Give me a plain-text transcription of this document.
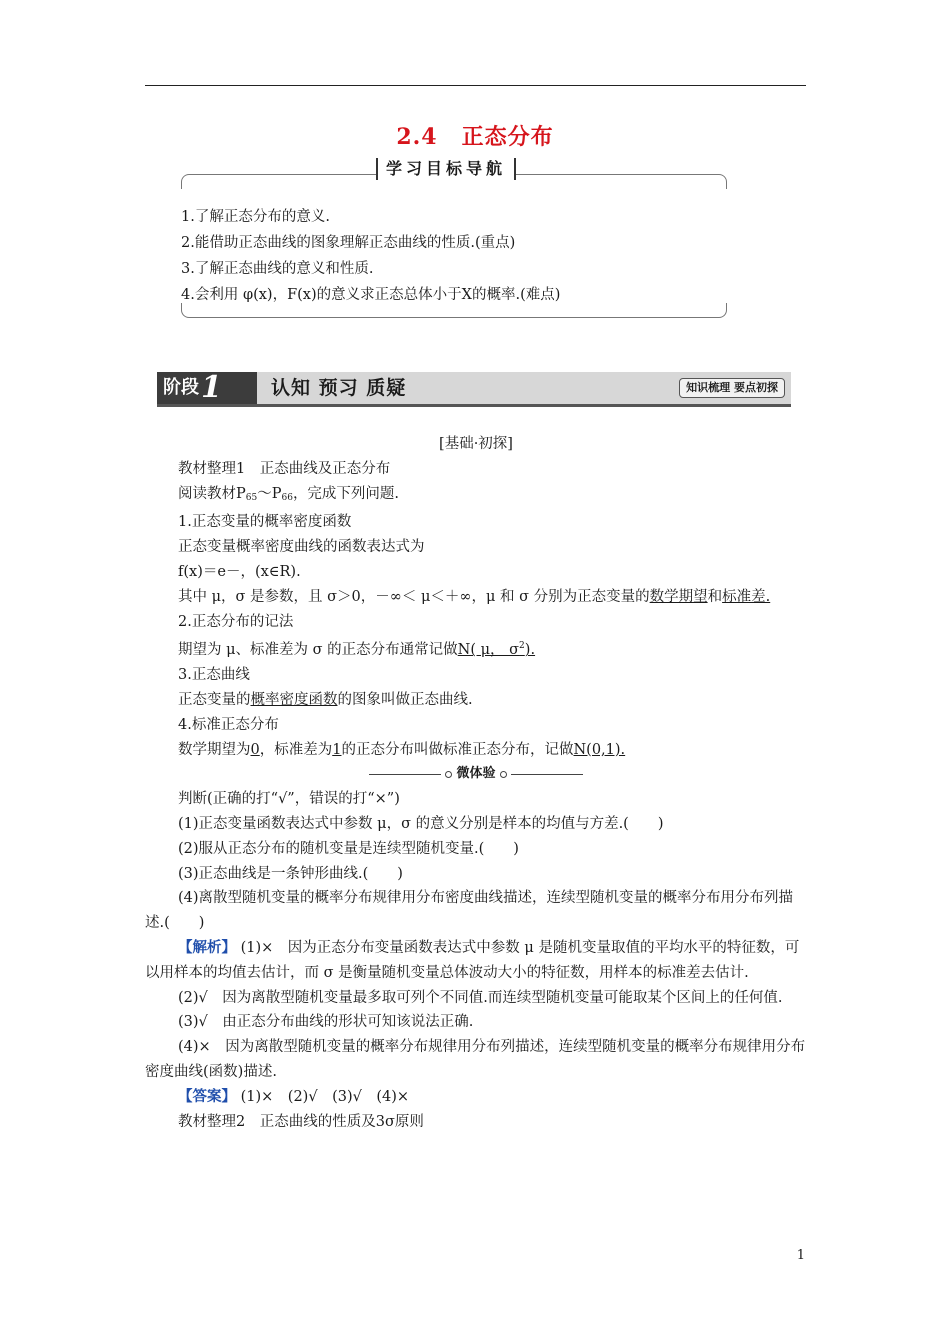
2.4 正态分布
学习目标导航
1.了解正态分布的意义.
2.能借助正态曲线的图象理解正态曲线的性质.(重点)
3.了解正态曲线的意义和性质.
4.会利用 φ(x)，F(x)的意义求正态总体小于X的概率.(难点)
阶段1	认知 预习 质疑	知识梳理 要点初探

[基础·初探]

教材整理1　正态曲线及正态分布

阅读教材$P_{65}\sim P_{66}$，完成下列问题.

1.正态变量的概率密度函数

正态变量概率密度曲线的函数表达式为

f(x)＝e－，(x∈R).

其中 μ，σ 是参数，且 σ＞0，－∞＜ μ＜＋∞，μ 和 σ 分别为正态变量的数学期望和标准差.

2.正态分布的记法

期望为 μ、标准差为 σ 的正态分布通常记做N( μ， $\sigma^2$).

3.正态曲线

正态变量的概率密度函数的图象叫做正态曲线.

4.标准正态分布

数学期望为0，标准差为1的正态分布叫做标准正态分布，记做N(0,1).

微体验

判断(正确的打“√”，错误的打“×”)

(1)正态变量函数表达式中参数 μ，σ 的意义分别是样本的均值与方差.(　　)

(2)服从正态分布的随机变量是连续型随机变量.(　　)

(3)正态曲线是一条钟形曲线.(　　)

(4)离散型随机变量的概率分布规律用分布密度曲线描述，连续型随机变量的概率分布用分布列描述.(　　)

【解析】 (1)×　因为正态分布变量函数表达式中参数 μ 是随机变量取值的平均水平的特征数，可以用样本的均值去估计，而 σ 是衡量随机变量总体波动大小的特征数，用样本的标准差去估计.

(2)√　因为离散型随机变量最多取可列个不同值.而连续型随机变量可能取某个区间上的任何值.

(3)√　由正态分布曲线的形状可知该说法正确.

(4)×　因为离散型随机变量的概率分布规律用分布列描述，连续型随机变量的概率分布规律用分布密度曲线(函数)描述.

【答案】 (1)×　(2)√　(3)√　(4)×

教材整理2　正态曲线的性质及3σ原则

1
